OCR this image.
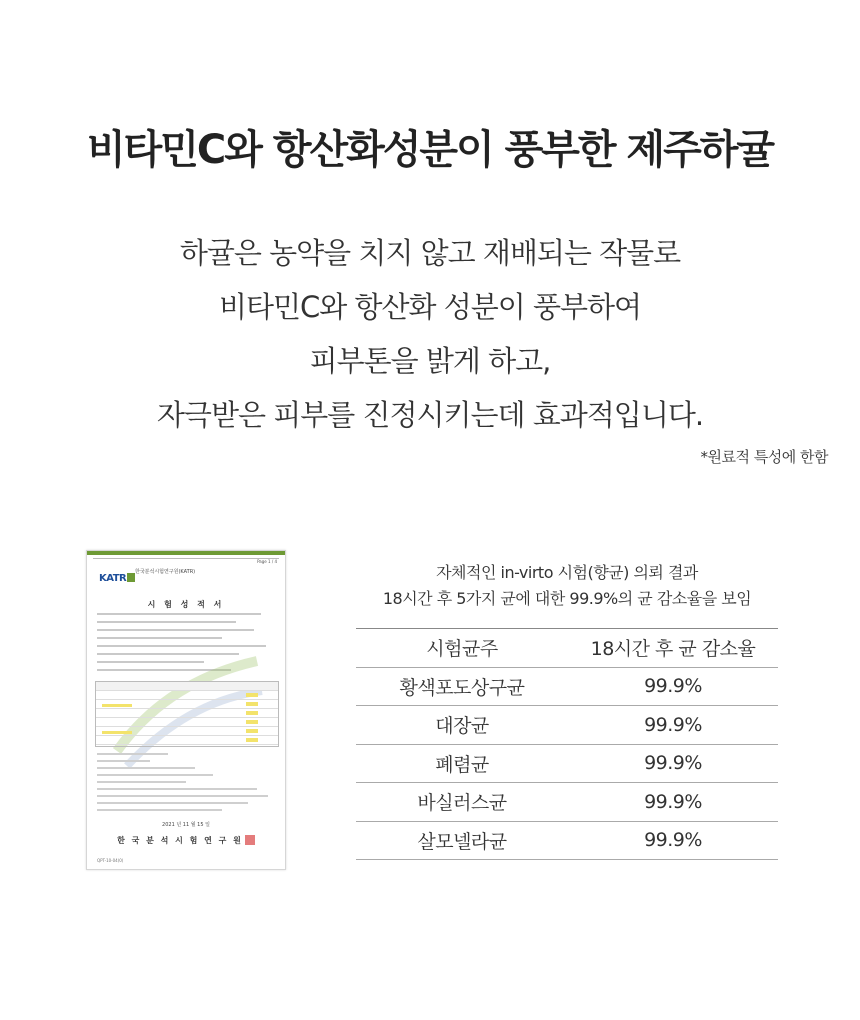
비타민C와 항산화성분이 풍부한 제주하귤
하귤은 농약을 치지 않고 재배되는 작물로
비타민C와 항산화 성분이 풍부하여
피부톤을 밝게 하고,
자극받은 피부를 진정시키는데 효과적입니다.
*원료적 특성에 한함
Page 1 / 4
KATR
한국분석시험연구원(KATR)
시 험 성 적 서
2021 년 11 월 15 일
한 국 분 석 시 험 연 구 원
QPT-10-04(0)
자체적인 in-virto 시험(향균) 의뢰 결과
18시간 후 5가지 균에 대한 99.9%의 균 감소율을 보임
시험균주	18시간 후 균 감소율
황색포도상구균	99.9%
대장균	99.9%
폐렴균	99.9%
바실러스균	99.9%
살모넬라균	99.9%
